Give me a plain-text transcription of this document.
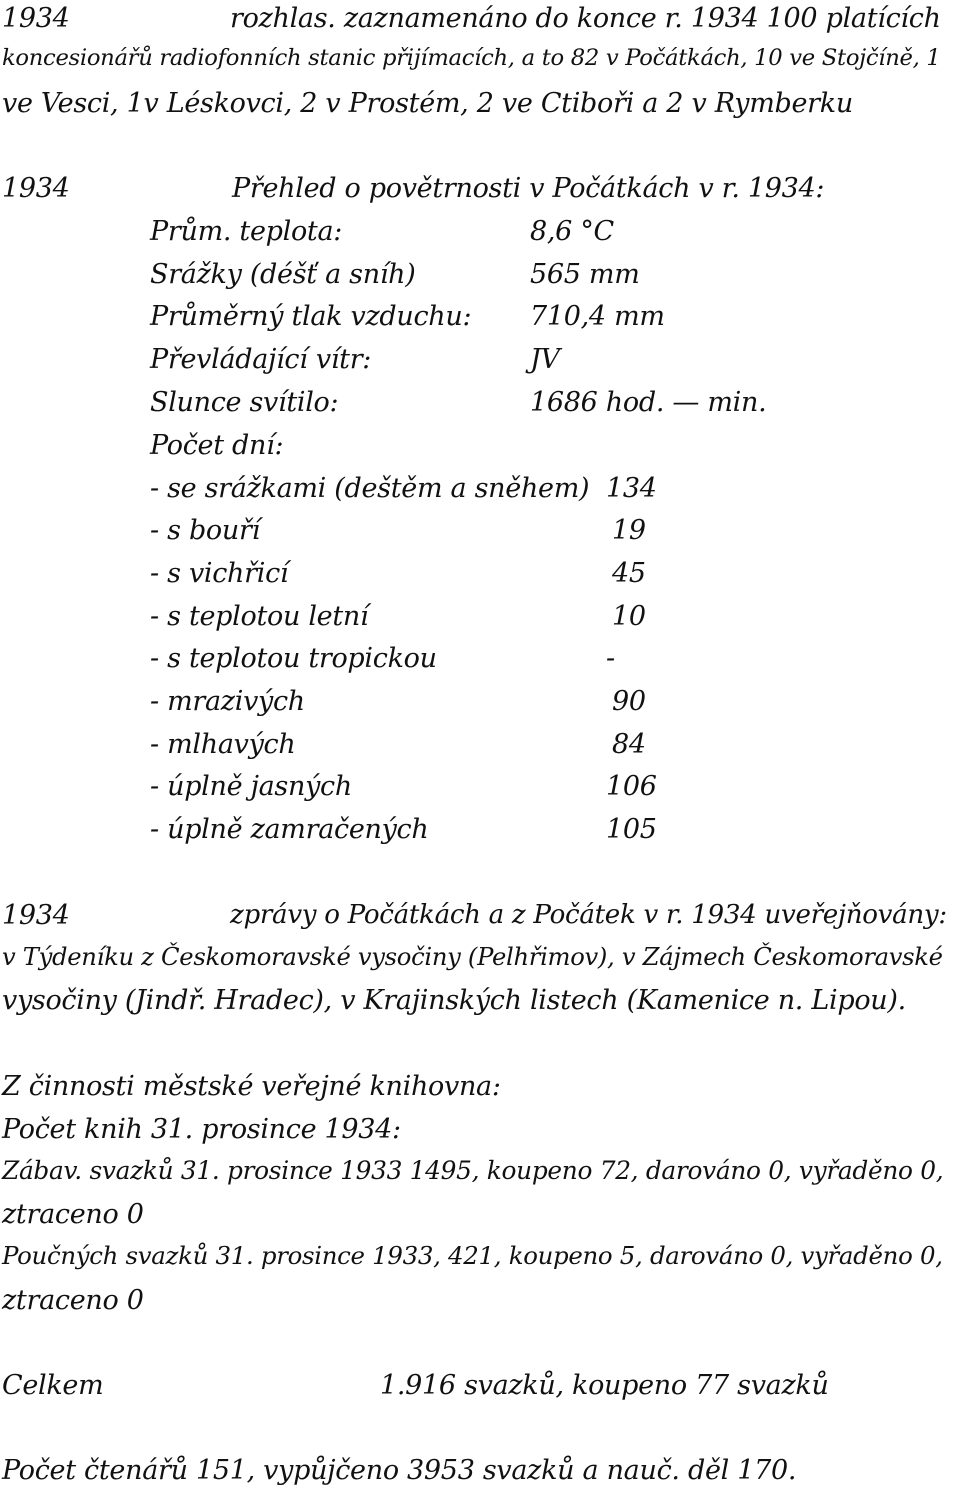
1934	rozhlas. zaznamenáno do konce r. 1934 100 platících
koncesionářů radiofonních stanic přijímacích, a to 82 v Počátkách, 10 ve Stojčíně, 1
ve Vesci, 1v Léskovci, 2 v Prostém, 2 ve Ctiboři a 2 v Rymberku
1934	Přehled o povětrnosti v Počátkách v r. 1934:
Prům. teplota:	8,6 °C
Srážky (déšť a sníh)	565 mm
Průměrný tlak vzduchu: 710,4 mm
Převládající vítr:	JV
Slunce svítilo:	1686 hod. — min.
Počet dní:
- se srážkami (deštěm a sněhem) 134
- s bouří	19
- s vichřicí	45
- s teplotou letní	10
- s teplotou tropickou	-
- mrazivých	90
- mlhavých	84
- úplně jasných	106
- úplně zamračených	105
1934	zprávy o Počátkách a z Počátek v r. 1934 uveřejňovány:
v Týdeníku z Českomoravské vysočiny (Pelhřimov), v Zájmech Českomoravské
vysočiny (Jindř. Hradec), v Krajinských listech (Kamenice n. Lipou).
Z činnosti městské veřejné knihovna:
Počet knih 31. prosince 1934:
Zábav. svazků 31. prosince 1933 1495, koupeno 72, darováno 0, vyřaděno 0,
ztraceno 0
Poučných svazků 31. prosince 1933, 421, koupeno 5, darováno 0, vyřaděno 0,
ztraceno 0
Celkem	1.916 svazků, koupeno 77 svazků
Počet čtenářů 151, vypůjčeno 3953 svazků a nauč. děl 170.
